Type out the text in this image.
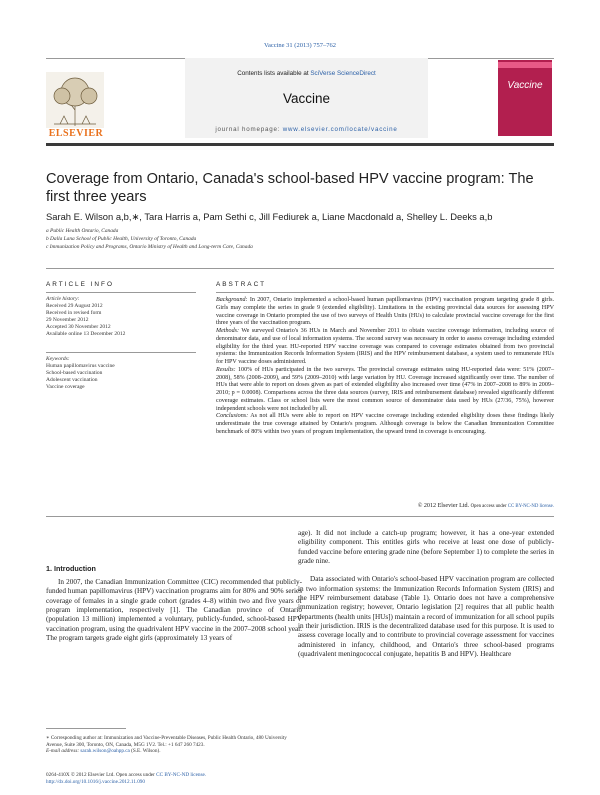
Vaccine 31 (2013) 757–762
ELSEVIER
Contents lists available at SciVerse ScienceDirect
Vaccine
journal homepage: www.elsevier.com/locate/vaccine
Vaccine
Coverage from Ontario, Canada's school-based HPV vaccine program: The first three years
Sarah E. Wilson a,b,∗, Tara Harris a, Pam Sethi c, Jill Fediurek a, Liane Macdonald a, Shelley L. Deeks a,b
a Public Health Ontario, Canada
b Dalla Lana School of Public Health, University of Toronto, Canada
c Immunization Policy and Programs, Ontario Ministry of Health and Long-term Care, Canada
ARTICLE INFO
Article history:
Received 29 August 2012
Received in revised form
29 November 2012
Accepted 30 November 2012
Available online 13 December 2012
Keywords:
Human papillomavirus vaccine
School-based vaccination
Adolescent vaccination
Vaccine coverage
ABSTRACT
Background: In 2007, Ontario implemented a school-based human papillomavirus (HPV) vaccination program targeting grade 8 girls. Girls may complete the series in grade 9 (extended eligibility). Limitations in the existing provincial data sources for assessing HPV vaccine coverage in Ontario prompted the use of two surveys of Health Units (HUs) to calculate provincial vaccine coverage for the first three years of the vaccination program.
Methods: We surveyed Ontario's 36 HUs in March and November 2011 to obtain vaccine coverage information, including source of denominator data, and use of local information systems. The second survey was necessary in order to assess coverage including extended eligibility for the third year. HU-reported HPV vaccine coverage was compared to coverage estimates obtained from two provincial systems: the Immunization Records Information System (IRIS) and the HPV reimbursement database, a system used to remunerate HUs for HPV vaccine doses administered.
Results: 100% of HUs participated in the two surveys. The provincial coverage estimates using HU-reported data were: 51% (2007–2008), 58% (2008–2009), and 59% (2009–2010) with large variation by HU. Coverage increased significantly over time. The number of HUs that were able to report on doses given as part of extended eligibility also increased over time (47% in 2007–2008 to 89% in 2009–2010; p = 0.0008). Comparisons across the three data sources (survey, IRIS and reimbursement database) revealed significantly different coverage estimates. Class or school lists were the most common source of denominator data used by HUs (27/36, 75%), however independent schools were not included by all.
Conclusions: As not all HUs were able to report on HPV vaccine coverage including extended eligibility doses these findings likely underestimate the true coverage attained by Ontario's program. Although coverage is below the Canadian Immunization Committee benchmark of 80% within two years of program implementation, the upward trend in coverage is encouraging.
© 2012 Elsevier Ltd. Open access under CC BY-NC-ND license.
1. Introduction

In 2007, the Canadian Immunization Committee (CIC) recommended that publicly-funded human papillomavirus (HPV) vaccination programs aim for 80% and 90% series coverage of females in a single grade cohort (grades 4–8) within two and five years of program implementation, respectively [1]. The Canadian province of Ontario (population 13 million) implemented a voluntary, publicly-funded, school-based HPV vaccination program, using the quadrivalent HPV vaccine in the 2007–2008 school year. The program targets grade eight girls (approximately 13 years of

age). It did not include a catch-up program; however, it has a one-year extended eligibility component. This entitles girls who receive at least one dose of publicly-funded vaccine before entering grade nine (before September 1) to complete the series in grade nine.

Data associated with Ontario's school-based HPV vaccination program are collected in two information systems: the Immunization Records Information System (IRIS) and the HPV reimbursement database (Table 1). Ontario does not have a comprehensive immunization registry; however, Ontario legislation [2] requires that all public health departments (health units [HUs]) maintain a record of immunization for all school pupils in their jurisdiction. IRIS is the decentralized database used for this purpose. It is used to assess coverage locally and to contribute to provincial coverage assessment for vaccines administered in infancy, childhood, and Ontario's three school-based programs (quadrivalent meningococcal conjugate, hepatitis B and HPV). Healthcare

∗ Corresponding author at: Immunization and Vaccine-Preventable Diseases, Public Health Ontario, 480 University Avenue, Suite 300, Toronto, ON, Canada, M5G 1V2. Tel.: +1 647 260 7423.
E-mail address: sarah.wilson@oahpp.ca (S.E. Wilson).
0264-410X © 2012 Elsevier Ltd. Open access under CC BY-NC-ND license.
http://dx.doi.org/10.1016/j.vaccine.2012.11.090
